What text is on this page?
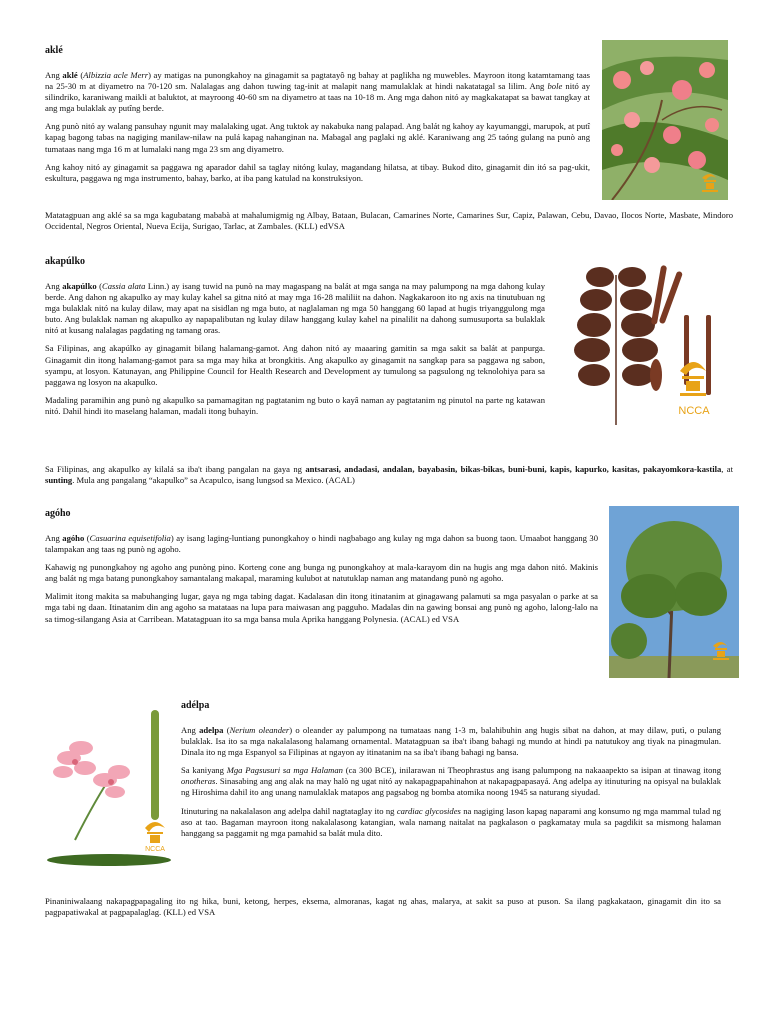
aklé

Ang aklé (Albizzia acle Merr) ay matigas na punongkahoy na ginagamit sa pagtatayô ng bahay at paglikha ng muwebles. Mayroon itong katamtamang taas na 25-30 m at diyametro na 70-120 sm. Nalalagas ang dahon tuwing tag-init at malapit nang mamulaklak at hindi nakatatagal sa lilim. Ang bole nitó ay silindriko, karaniwang maikli at baluktot, at mayroong 40-60 sm na diyametro at taas na 10-18 m. Ang mga dahon nitó ay magkakatapat sa bawat tangkay at ang mga bulaklak ay putîng berde.

Ang punò nitó ay walang pansuhay ngunit may malalaking ugat. Ang tuktok ay nakabuka nang palapad. Ang balát ng kahoy ay kayumanggi, marupok, at putî kapag bagong tabas na nagiging manilaw-nilaw na pulá kapag nahanginan na. Mabagal ang paglaki ng aklé. Karaniwang ang 25 taóng gulang na punò ang tumataas nang mga 16 m at lumalaki nang mga 23 sm ang diyametro.

Ang kahoy nitó ay ginagamit sa paggawa ng aparador dahil sa taglay nitóng kulay, magandang hilatsa, at tibay. Bukod dito, ginagamit din itó sa pag-ukit, eskultura, paggawa ng mga instrumento, bahay, barko, at iba pang katulad na konstruksiyon.

Matatagpuan ang aklé sa sa mga kagubatang mababà at mahalumigmig ng Albay, Bataan, Bulacan, Camarines Norte, Camarines Sur, Capiz, Palawan, Cebu, Davao, Ilocos Norte, Masbate, Mindoro Occidental, Negros Oriental, Nueva Ecija, Surigao, Tarlac, at Zambales. (KLL) edVSA

akapúlko

Ang akapúlko (Cassia alata Linn.) ay isang tuwid na punò na may magaspang na balát at mga sanga na may palumpong na mga dahong kulay berde. Ang dahon ng akapulko ay may kulay kahel sa gitna nitó at may mga 16-28 maliliit na dahon. Nagkakaroon ito ng axis na tinutubuan ng mga bulaklak nitó na kulay dilaw, may apat na sisidlan ng mga buto, at naglalaman ng mga 50 hanggang 60 lapad at hugis triyanggulong mga buto. Ang bulaklak naman ng akapulko ay napapalibutan ng kulay dilaw hanggang kulay kahel na pinalilit na dahong sumusuporta sa bulaklak nitó at kusang nalalagas pagdating ng tamang oras.

Sa Filipinas, ang akapúlko ay ginagamit bilang halamang-gamot. Ang dahon nitó ay maaaring gamitin sa mga sakit sa balát at panpurga. Ginagamit din itong halamang-gamot para sa mga may hika at brongkitis. Ang akapulko ay ginagamit na sangkap para sa paggawa ng sabon, syampu, at losyon. Katunayan, ang Philippine Council for Health Research and Development ay tumulong sa pagsulong ng teknolohiya para sa paggawa ng losyon na akapulko.

Madaling paramihin ang punò ng akapulko sa pamamagitan ng pagtatanim ng buto o kayâ naman ay pagtatanim ng pinutol na parte ng katawan nitó. Dahil hindi ito maselang halaman, madali itong buhayin.

Sa Filipinas, ang akapulko ay kilalá sa iba't ibang pangalan na gaya ng antsarasi, andadasi, andalan, bayabasin, bikas-bikas, buni-buni, kapis, kapurko, kasitas, pakayomkora-kastila, at sunting. Mula ang pangalang “akapulko” sa Acapulco, isang lungsod sa Mexico. (ACAL)

NCCA
agóho

Ang agóho (Casuarina equisetifolia) ay isang laging-luntiang punongkahoy o hindi nagbabago ang kulay ng mga dahon sa buong taon. Umaabot hanggang 30 talampakan ang taas ng punò ng agoho.

Kahawig ng punongkahoy ng agoho ang punòng pino. Korteng cone ang bunga ng punongkahoy at mala-karayom din na hugis ang mga dahon nitó. Makinis ang balát ng mga batang punongkahoy samantalang makapal, maraming kulubot at natutuklap naman ang matandang punò ng agoho.

Malimit itong makita sa mabuhanging lugar, gaya ng mga tabing dagat. Kadalasan din itong itinatanim at ginagawang palamuti sa mga pasyalan o parke at sa mga tabi ng daan. Itinatanim din ang agoho sa matataas na lupa para maiwasan ang pagguho. Madalas din na gawing bonsai ang punò ng agoho, lalong-lalo na sa timog-silangang Asia at Carribean. Matatagpuan ito sa mga bansa mula Aprika hanggang Polynesia. (ACAL) ed VSA

NCCA
adélpa

Ang adelpa (Nerium oleander) o oleander ay palumpong na tumataas nang 1-3 m, balahibuhin ang hugis sibat na dahon, at may dilaw, putì, o pulang bulaklak. Isa ito sa mga nakalalasong halamang ornamental. Matatagpuan sa iba't ibang bahagi ng mundo at hindi pa natutukoy ang tiyak na pinagmulan. Dinala ito ng mga Espanyol sa Filipinas at ngayon ay itinatanim na sa iba't ibang bahagi ng bansa.

Sa kaniyang Mga Pagsusuri sa mga Halaman (ca 300 BCE), inilarawan ni Theophrastus ang isang palumpong na nakaaapekto sa isipan at tinawag itong onotheras. Sinasabing ang ang alak na may halò ng ugat nitó ay nakapagpapahinahon at nakapagpapasayá. Ang adelpa ay itinuturing na opisyal na bulaklak ng Hiroshima dahil ito ang unang namulaklak matapos ang pagsabog ng bomba atomika noong 1945 sa naturang siyudad.

Itinuturing na nakalalason ang adelpa dahil nagtataglay ito ng cardiac glycosides na nagiging lason kapag naparami ang konsumo ng mga mammal tulad ng aso at tao. Bagaman mayroon itong nakalalasong katangian, wala namang naitalat na pagkalason o pagkamatay mula sa pagdikit sa mismong halaman hanggang sa paggamit ng mga pamahid sa balát mula dito.

Pinaniniwalaang nakapagpapagaling ito ng hika, buni, ketong, herpes, eksema, almoranas, kagat ng ahas, malarya, at sakit sa puso at puson. Sa ilang pagkakataon, ginagamit din ito sa pagpapatiwakal at pagpapalaglag. (KLL) ed VSA
